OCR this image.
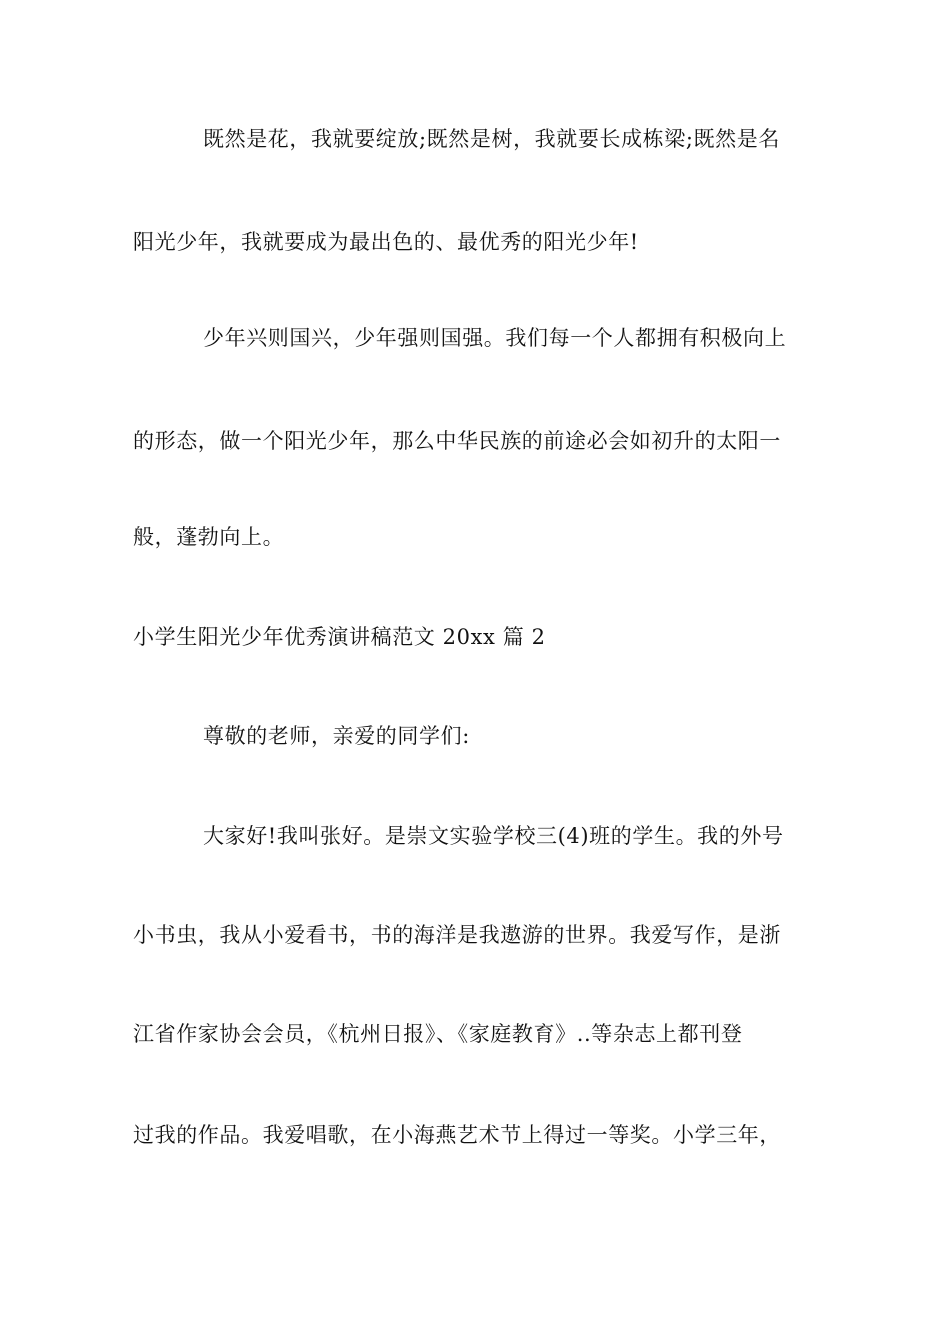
既然是花，我就要绽放;既然是树，我就要长成栋梁;既然是名
阳光少年，我就要成为最出色的、最优秀的阳光少年!
少年兴则国兴，少年强则国强。我们每一个人都拥有积极向上
的形态，做一个阳光少年，那么中华民族的前途必会如初升的太阳一
般，蓬勃向上。
小学生阳光少年优秀演讲稿范文 20xx 篇 2
尊敬的老师，亲爱的同学们:
大家好!我叫张好。是崇文实验学校三(4)班的学生。我的外号
小书虫，我从小爱看书，书的海洋是我遨游的世界。我爱写作，是浙
江省作家协会会员，《杭州日报》、《家庭教育》..等杂志上都刊登
过我的作品。我爱唱歌，在小海燕艺术节上得过一等奖。小学三年，
